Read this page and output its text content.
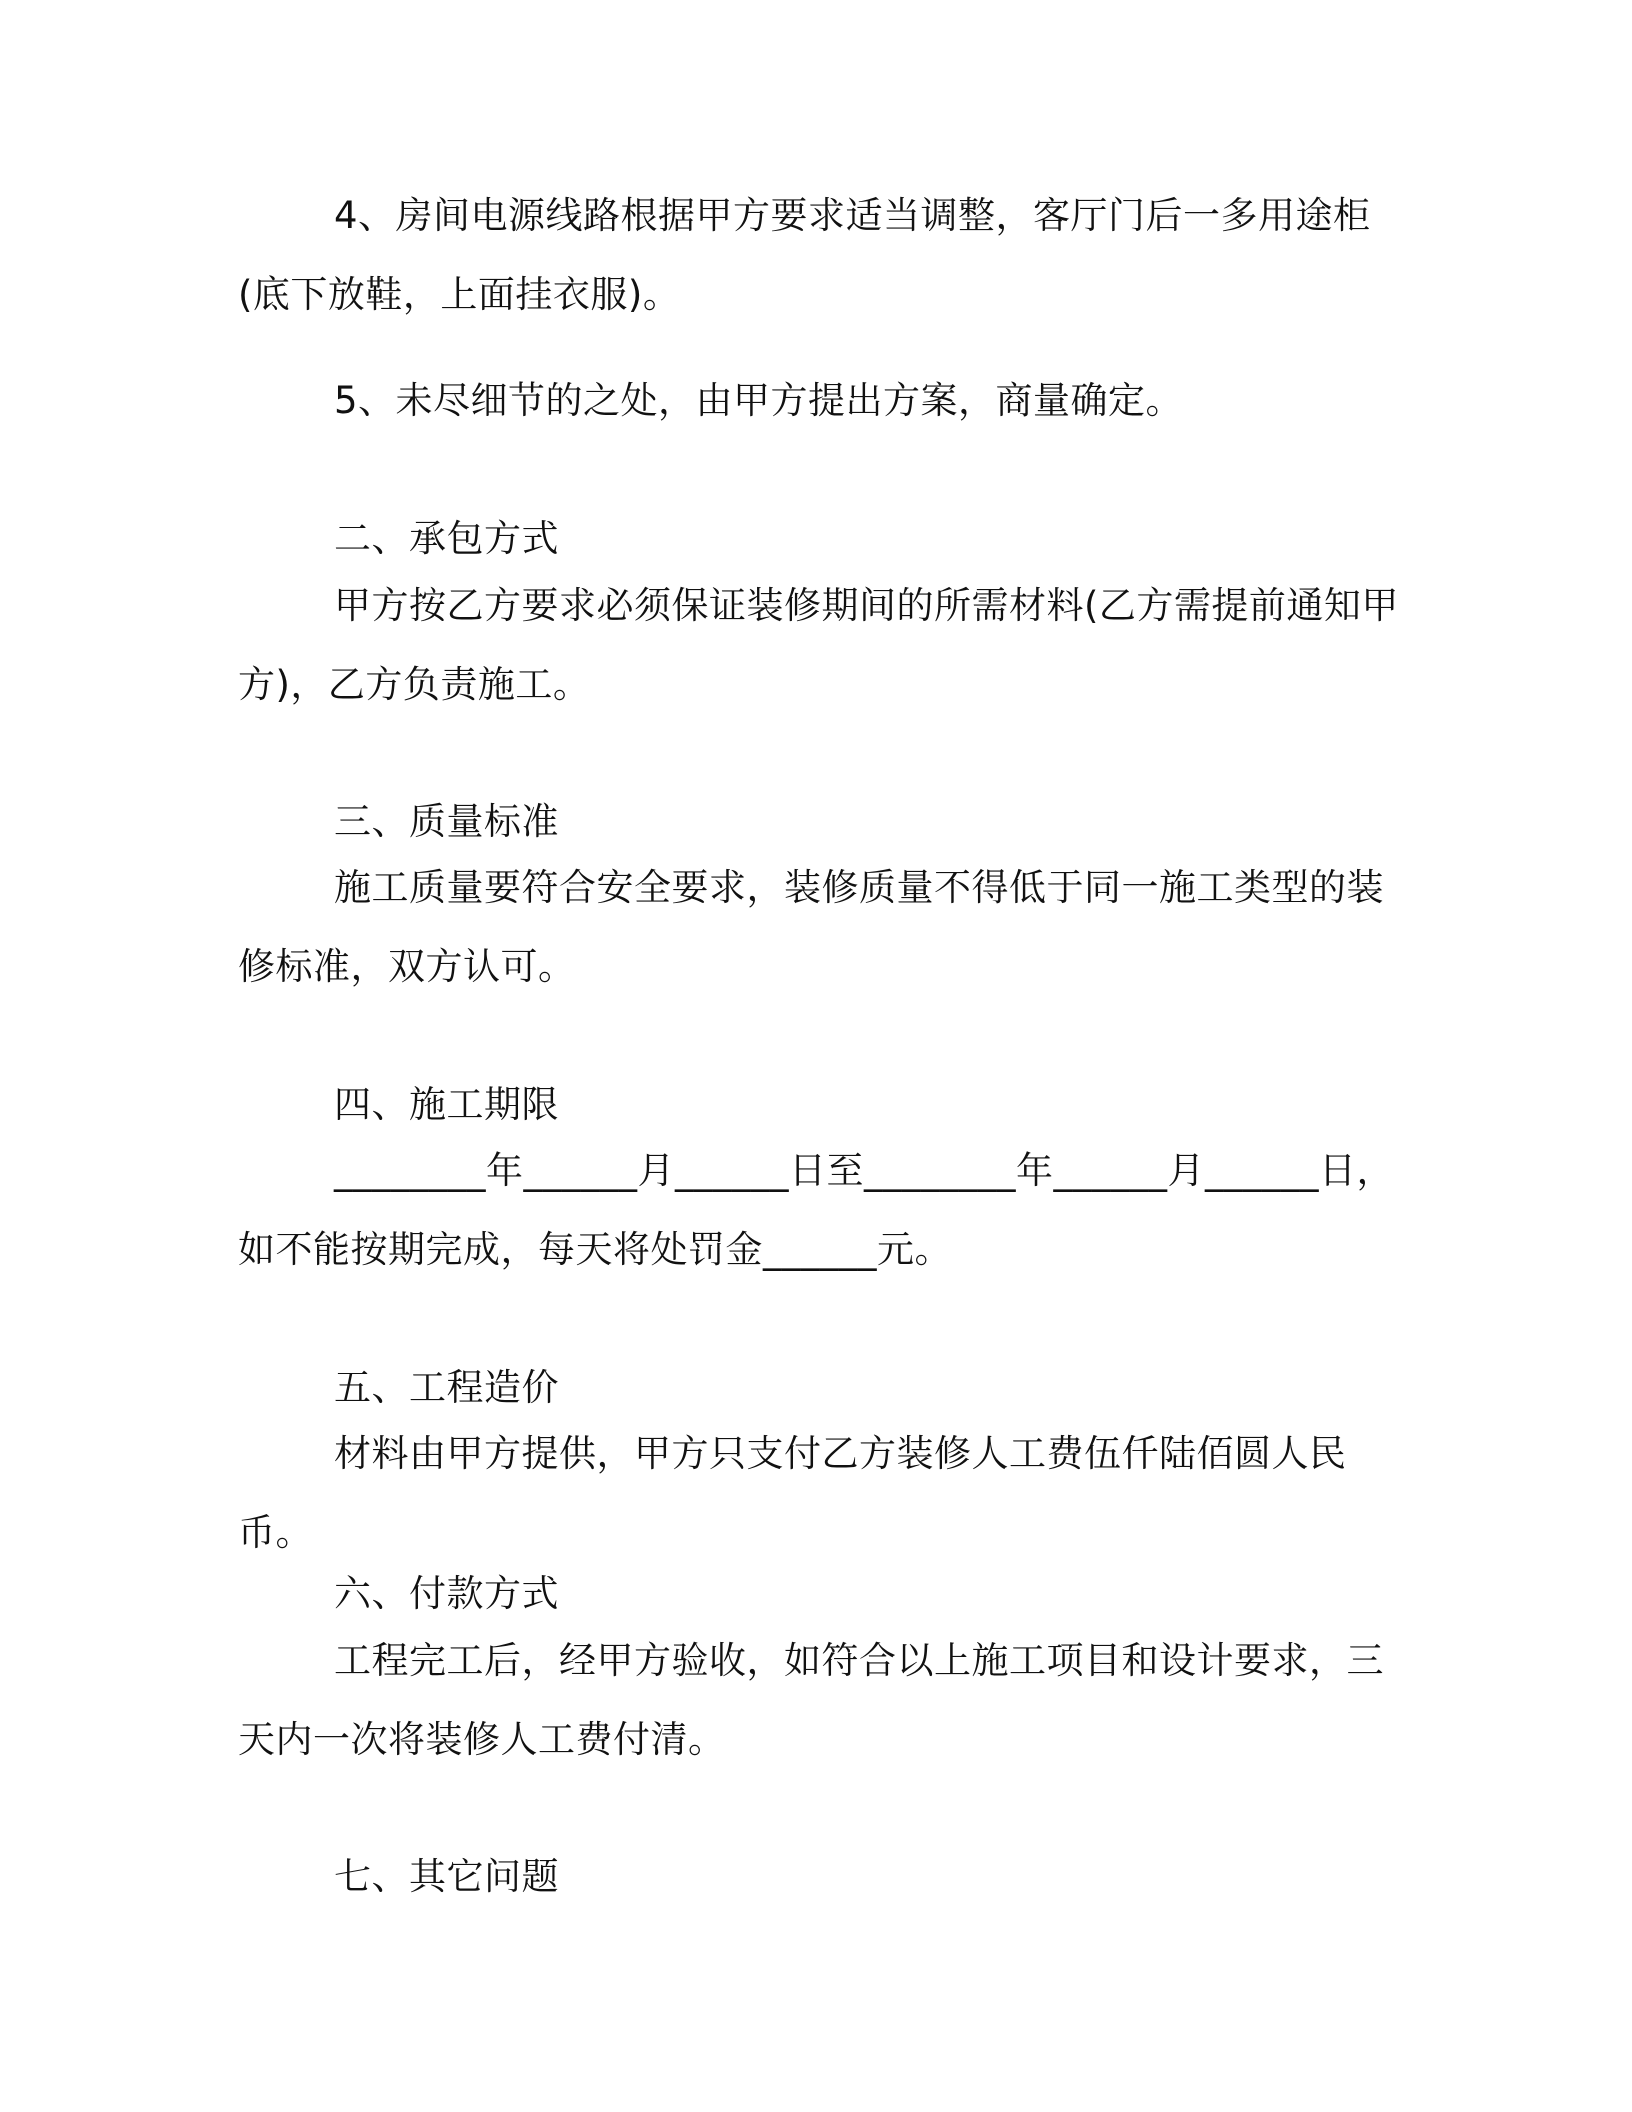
4、房间电源线路根据甲方要求适当调整，客厅门后一多用途柜(底下放鞋，上面挂衣服)。

5、未尽细节的之处，由甲方提出方案，商量确定。

二、承包方式

甲方按乙方要求必须保证装修期间的所需材料(乙方需提前通知甲方)，乙方负责施工。

三、质量标准

施工质量要符合安全要求，装修质量不得低于同一施工类型的装修标准，双方认可。

四、施工期限

________年______月______日至________年______月______日，如不能按期完成，每天将处罚金______元。

五、工程造价

材料由甲方提供，甲方只支付乙方装修人工费伍仟陆佰圆人民币。

六、付款方式

工程完工后，经甲方验收，如符合以上施工项目和设计要求，三天内一次将装修人工费付清。

七、其它问题
